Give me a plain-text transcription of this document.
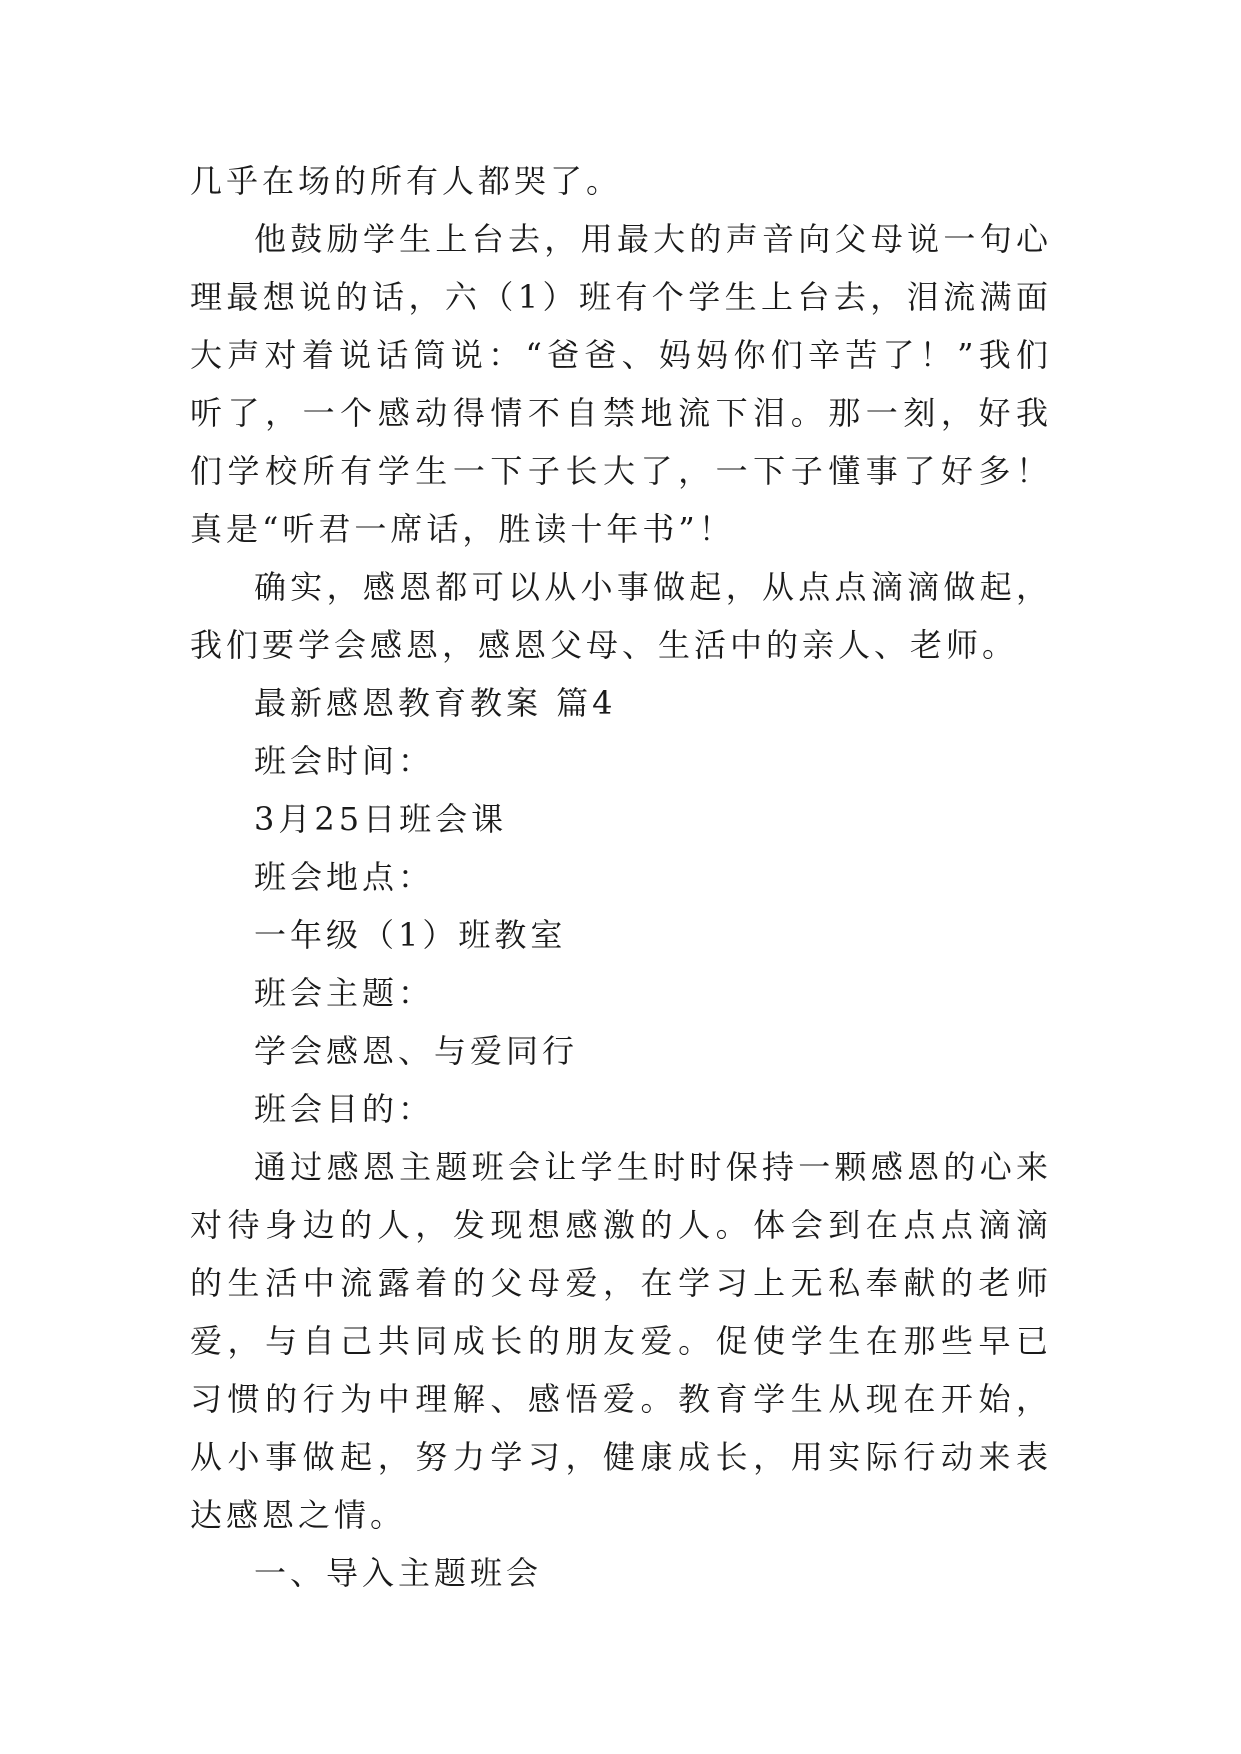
几乎在场的所有人都哭了。

他鼓励学生上台去，用最大的声音向父母说一句心理最想说的话，六（1）班有个学生上台去，泪流满面大声对着说话筒说：“爸爸、妈妈你们辛苦了！”我们听了，一个感动得情不自禁地流下泪。那一刻，好我们学校所有学生一下子长大了，一下子懂事了好多！真是“听君一席话，胜读十年书”！

确实，感恩都可以从小事做起，从点点滴滴做起，我们要学会感恩，感恩父母、生活中的亲人、老师。

最新感恩教育教案 篇4

班会时间：

3月25日班会课

班会地点：

一年级（1）班教室

班会主题：

学会感恩、与爱同行

班会目的：

通过感恩主题班会让学生时时保持一颗感恩的心来对待身边的人，发现想感激的人。体会到在点点滴滴的生活中流露着的父母爱，在学习上无私奉献的老师爱，与自己共同成长的朋友爱。促使学生在那些早已习惯的行为中理解、感悟爱。教育学生从现在开始，从小事做起，努力学习，健康成长，用实际行动来表达感恩之情。

一、导入主题班会
